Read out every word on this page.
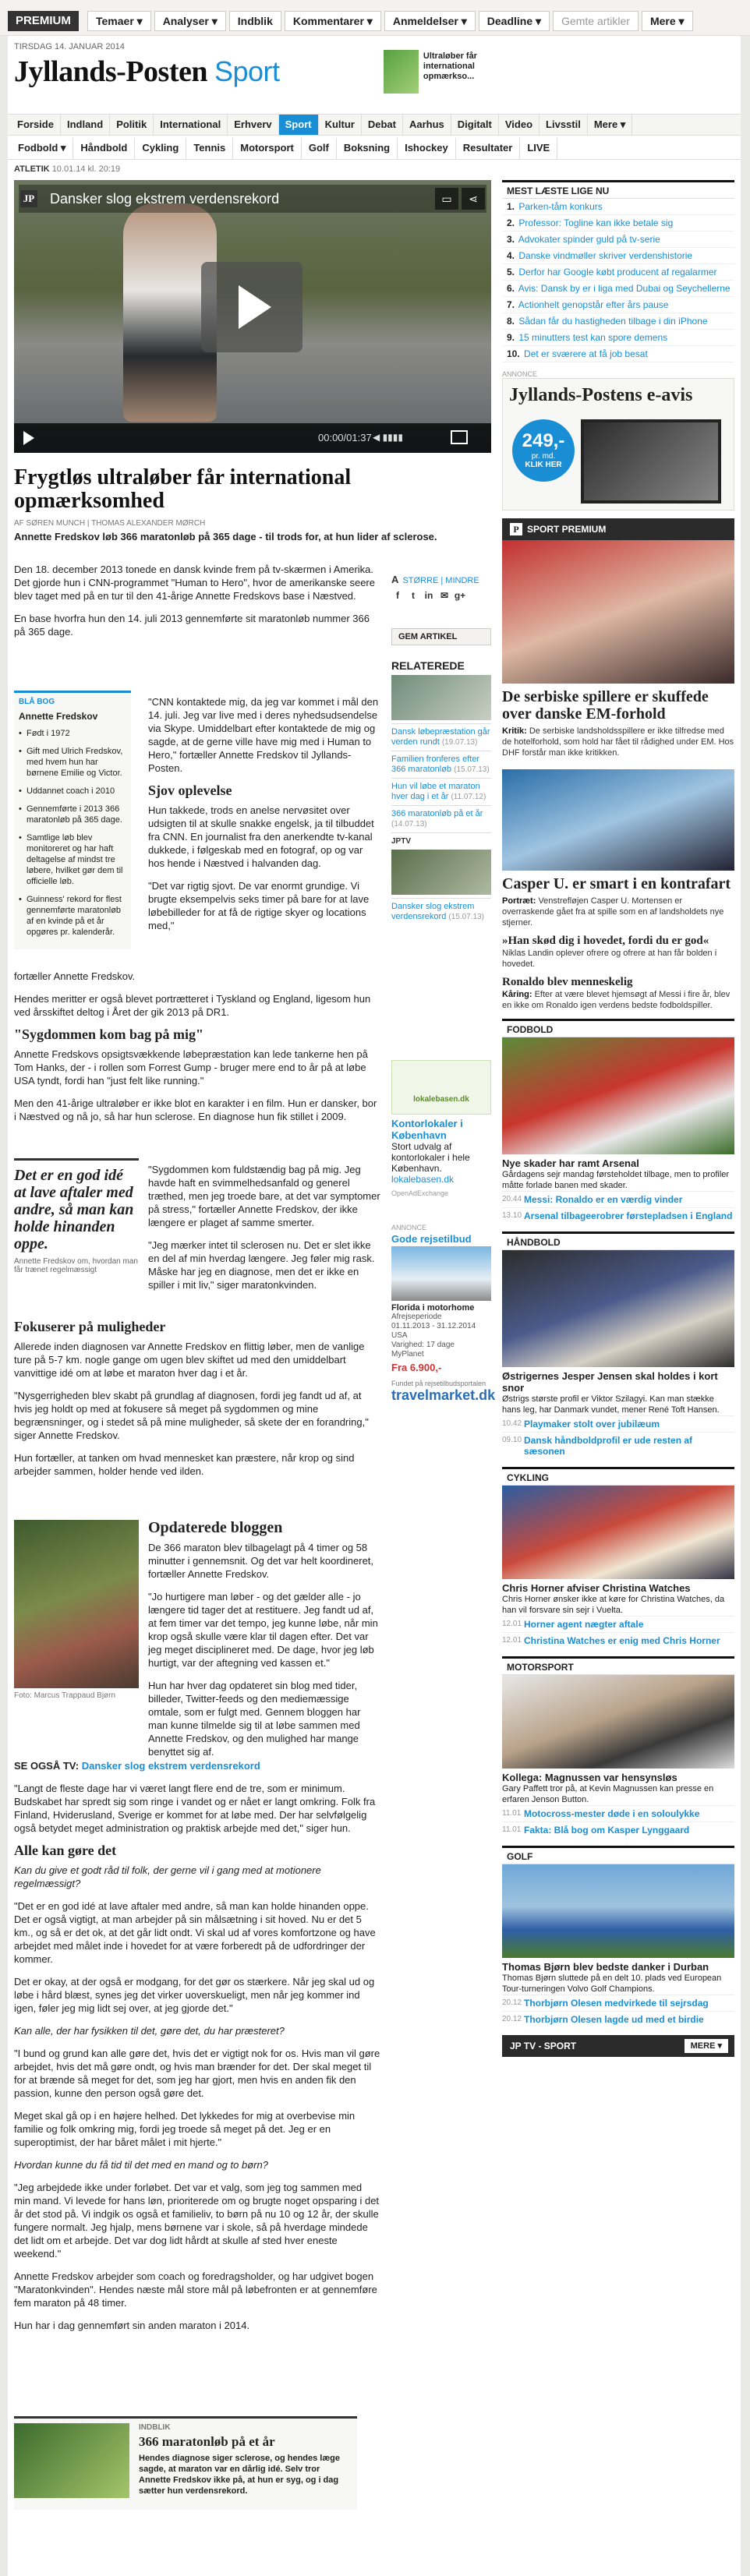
PREMIUM	Temaer ▾	Analyser ▾	Indblik	Kommentarer ▾	Anmeldelser ▾	Deadline ▾	Gemte artikler	Mere ▾
TIRSDAG 14. JANUAR 2014
Jyllands-Posten Sport	Ultraløber får international opmærkso...
Forside	Indland	Politik	International	Erhverv	Sport	Kultur	Debat	Aarhus	Digitalt	Video	Livsstil	Mere ▾
Fodbold ▾	Håndbold	Cykling	Tennis	Motorsport	Golf	Boksning	Ishockey	Resultater	LIVE
ATLETIK 10.01.14 kl. 20:19
Dansker slog ekstrem verdensrekord
JP	▭	⋖
00:00/01:37 ◀ ▮▮▮▮
Frygtløs ultraløber får international opmærksomhed
AF SØREN MUNCH | THOMAS ALEXANDER MØRCH
Annette Fredskov løb 366 maratonløb på 365 dage - til trods for, at hun lider af sclerose.

Den 18. december 2013 tonede en dansk kvinde frem på tv-skærmen i Amerika. Det gjorde hun i CNN-programmet "Human to Hero", hvor de amerikanske seere blev taget med på en tur til den 41-årige Annette Fredskovs base i Næstved.

En base hvorfra hun den 14. juli 2013 gennemførte sit maratonløb nummer 366 på 365 dage.

A STØRRE | MINDRE
f t in ✉ g+
GEM ARTIKEL
RELATEREDE
Dansk løbepræstation går verden rundt (19.07.13)
Familien fronferes efter 366 maratonløb (15.07.13)
Hun vil løbe et maraton hver dag i et år (11.07.12)
366 maratonløb på et år (14.07.13)
JPTV
Dansker slog ekstrem verdensrekord (15.07.13)
BLÅ BOG
Annette Fredskov
• Født i 1972
• Gift med Ulrich Fredskov, med hvem hun har børnene Emilie og Victor.
• Uddannet coach i 2010
• Gennemførte i 2013 366 maratonløb på 365 dage.
• Samtlige løb blev monitoreret og har haft deltagelse af mindst tre løbere, hvilket gør dem til officielle løb.
• Guinness' rekord for flest gennemførte maratonløb af en kvinde på et år opgøres pr. kalenderår.

"CNN kontaktede mig, da jeg var kommet i mål den 14. juli. Jeg var live med i deres nyhedsudsendelse via Skype. Umiddelbart efter kontaktede de mig og sagde, at de gerne ville have mig med i Human to Hero," fortæller Annette Fredskov til Jyllands-Posten.

Sjov oplevelse

Hun takkede, trods en anelse nervøsitet over udsigten til at skulle snakke engelsk, ja til tilbuddet fra CNN. En journalist fra den anerkendte tv-kanal dukkede, i følgeskab med en fotograf, op og var hos hende i Næstved i halvanden dag.

"Det var rigtig sjovt. De var enormt grundige. Vi brugte eksempelvis seks timer på bare for at lave løbebilleder for at få de rigtige skyer og locations med,"

fortæller Annette Fredskov.

Hendes meritter er også blevet portrætteret i Tyskland og England, ligesom hun ved årsskiftet deltog i Året der gik 2013 på DR1.

"Sygdommen kom bag på mig"

Annette Fredskovs opsigtsvækkende løbepræstation kan lede tankerne hen på Tom Hanks, der - i rollen som Forrest Gump - bruger mere end to år på at løbe USA tyndt, fordi han "just felt like running."

Men den 41-årige ultraløber er ikke blot en karakter i en film. Hun er dansker, bor i Næstved og nå jo, så har hun sclerose. En diagnose hun fik stillet i 2009.

Det er en god idé at lave aftaler med andre, så man kan holde hinanden oppe.
Annette Fredskov om, hvordan man får trænet regelmæssigt

"Sygdommen kom fuldstændig bag på mig. Jeg havde haft en svimmelhedsanfald og generel træthed, men jeg troede bare, at det var symptomer på stress," fortæller Annette Fredskov, der ikke længere er plaget af samme smerter.

"Jeg mærker intet til sclerosen nu. Det er slet ikke en del af min hverdag længere. Jeg føler mig rask. Måske har jeg en diagnose, men det er ikke en spiller i mit liv," siger maratonkvinden.

Fokuserer på muligheder

Allerede inden diagnosen var Annette Fredskov en flittig løber, men de vanlige ture på 5-7 km. nogle gange om ugen blev skiftet ud med den umiddelbart vanvittige idé om at løbe et maraton hver dag i et år.

"Nysgerrigheden blev skabt på grundlag af diagnosen, fordi jeg fandt ud af, at hvis jeg holdt op med at fokusere så meget på sygdommen og mine begrænsninger, og i stedet så på mine muligheder, så skete der en forandring," siger Annette Fredskov.

Hun fortæller, at tanken om hvad mennesket kan præstere, når krop og sind arbejder sammen, holder hende ved ilden.

Foto: Marcus Trappaud Bjørn
Opdaterede bloggen

De 366 maraton blev tilbagelagt på 4 timer og 58 minutter i gennemsnit. Og det var helt koordineret, fortæller Annette Fredskov.

"Jo hurtigere man løber - og det gælder alle - jo længere tid tager det at restituere. Jeg fandt ud af, at fem timer var det tempo, jeg kunne løbe, når min krop også skulle være klar til dagen efter. Det var jeg meget disciplineret med. De dage, hvor jeg løb hurtigt, var der aftegning ved kassen et."

Hun har hver dag opdateret sin blog med tider, billeder, Twitter-feeds og den mediemæssige omtale, som er fulgt med. Gennem bloggen har man kunne tilmelde sig til at løbe sammen med Annette Fredskov, og den mulighed har mange benyttet sig af.

SE OGSÅ TV: Dansker slog ekstrem verdensrekord

"Langt de fleste dage har vi været langt flere end de tre, som er minimum. Budskabet har spredt sig som ringe i vandet og er nået er langt omkring. Folk fra Finland, Hviderusland, Sverige er kommet for at løbe med. Der har selvfølgelig også betydet meget administration og praktisk arbejde med det," siger hun.

Alle kan gøre det

Kan du give et godt råd til folk, der gerne vil i gang med at motionere regelmæssigt?

"Det er en god idé at lave aftaler med andre, så man kan holde hinanden oppe. Det er også vigtigt, at man arbejder på sin målsætning i sit hoved. Nu er det 5 km., og så er det ok, at det går lidt ondt. Vi skal ud af vores komfortzone og have arbejdet med målet inde i hovedet for at være forberedt på de udfordringer der kommer.

Det er okay, at der også er modgang, for det gør os stærkere. Når jeg skal ud og løbe i hård blæst, synes jeg det virker uoverskueligt, men når jeg kommer ind igen, føler jeg mig lidt sej over, at jeg gjorde det."

Kan alle, der har fysikken til det, gøre det, du har præsteret?

"I bund og grund kan alle gøre det, hvis det er vigtigt nok for os. Hvis man vil gøre arbejdet, hvis det må gøre ondt, og hvis man brænder for det. Der skal meget til for at brænde så meget for det, som jeg har gjort, men hvis en anden fik den passion, kunne den person også gøre det.

Meget skal gå op i en højere helhed. Det lykkedes for mig at overbevise min familie og folk omkring mig, fordi jeg troede så meget på det. Jeg er en superoptimist, der har båret målet i mit hjerte."

Hvordan kunne du få tid til det med en mand og to børn?

"Jeg arbejdede ikke under forløbet. Det var et valg, som jeg tog sammen med min mand. Vi levede for hans løn, prioriterede om og brugte noget opsparing i det år det stod på. Vi indgik os også et familieliv, to børn på nu 10 og 12 år, der skulle fungere normalt. Jeg hjalp, mens børnene var i skole, så på hverdage mindede det lidt om et arbejde. Det var dog lidt hårdt at skulle af sted hver eneste weekend."

Annette Fredskov arbejder som coach og foredragsholder, og har udgivet bogen "Maratonkvinden". Hendes næste mål store mål på løbefronten er at gennemføre fem maraton på 48 timer.

Hun har i dag gennemført sin anden maraton i 2014.

INDBLIK
366 maratonløb på et år
Hendes diagnose siger sclerose, og hendes læge sagde, at maraton var en dårlig idé. Selv tror Annette Fredskov ikke på, at hun er syg, og i dag sætter hun verdensrekord.
lokalebasen.dk
Kontorlokaler i København
Stort udvalg af kontorlokaler i hele København.
lokalebasen.dk
OpenAdExchange
ANNONCE
Gode rejsetilbud
Florida i motorhome
Afrejseperiode
01.11.2013 - 31.12.2014
USA
Varighed: 17 dage
MyPlanet
Fra 6.900,-
Fundet på rejsetilbudsportalen
travelmarket.dk
MEST LÆSTE LIGE NU
1. Parken-tåm konkurs
2. Professor: Togline kan ikke betale sig
3. Advokater spinder guld på tv-serie
4. Danske vindmøller skriver verdenshistorie
5. Derfor har Google købt producent af regalarmer
6. Avis: Dansk by er i liga med Dubai og Seychellerne
7. Actionhelt genopstår efter års pause
8. Sådan får du hastigheden tilbage i din iPhone
9. 15 minutters test kan spore demens
10. Det er sværere at få job besat
ANNONCE
Jyllands-Postens e-avis
249,-
pr. md.
KLIK HER
P SPORT PREMIUM
De serbiske spillere er skuffede over danske EM-forhold
Kritik: De serbiske landsholdsspillere er ikke tilfredse med de hotelforhold, som hold har fået til rådighed under EM. Hos DHF forstår man ikke kritikken.
Casper U. er smart i en kontrafart
Portræt: Venstrefløjen Casper U. Mortensen er overraskende gået fra at spille som en af landsholdets nye stjerner.
»Han skød dig i hovedet, fordi du er god«
Niklas Landin oplever ofrere og ofrere at han får bolden i hovedet.
Ronaldo blev menneskelig
Kåring: Efter at være blevet hjemsøgt af Messi i fire år, blev en ikke om Ronaldo igen verdens bedste fodboldspiller.
FODBOLD
Nye skader har ramt Arsenal
Gårdagens sejr mandag førsteholdet tilbage, men to profiler måtte forlade banen med skader.
20.44 Messi: Ronaldo er en værdig vinder
13.10 Arsenal tilbageerobrer førstepladsen i England
HÅNDBOLD
Østrigernes Jesper Jensen skal holdes i kort snor
Østrigs største profil er Viktor Szilagyi. Kan man stække hans leg, har Danmark vundet, mener René Toft Hansen.
10.42 Playmaker stolt over jubilæum
09.10 Dansk håndboldprofil er ude resten af sæsonen
CYKLING
Chris Horner afviser Christina Watches
Chris Horner ønsker ikke at køre for Christina Watches, da han vil forsvare sin sejr i Vuelta.
12.01 Horner agent nægter aftale
12.01 Christina Watches er enig med Chris Horner
MOTORSPORT
Kollega: Magnussen var hensynsløs
Gary Paffett tror på, at Kevin Magnussen kan presse en erfaren Jenson Button.
11.01 Motocross-mester døde i en soloulykke
11.01 Fakta: Blå bog om Kasper Lynggaard
GOLF
Thomas Bjørn blev bedste danker i Durban
Thomas Bjørn sluttede på en delt 10. plads ved European Tour-turneringen Volvo Golf Champions.
20.12 Thorbjørn Olesen medvirkede til sejrsdag
20.12 Thorbjørn Olesen lagde ud med et birdie
JP TV - SPORT	MERE ▾
